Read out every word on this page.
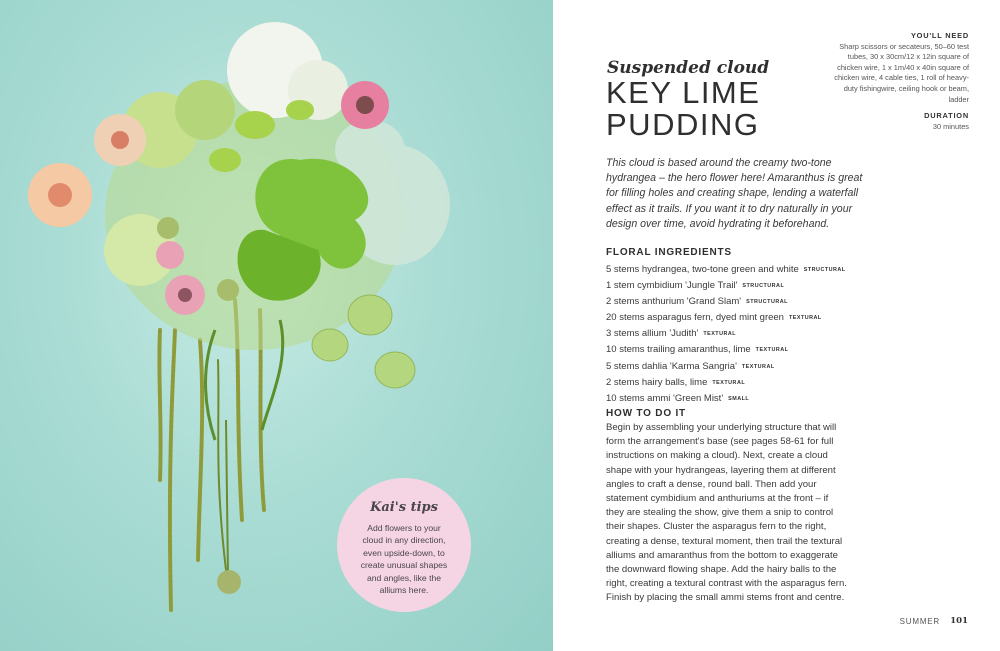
Kai's tips
Add flowers to your cloud in any direction, even upside-down, to create unusual shapes and angles, like the alliums here.
YOU'LL NEED
Sharp scissors or secateurs, 50–60 test tubes, 30 x 30cm/12 x 12in square of chicken wire, 1 x 1m/40 x 40in square of chicken wire, 4 cable ties, 1 roll of heavy-duty fishingwire, ceiling hook or beam, ladder
DURATION
30 minutes
Suspended cloud
KEY LIME PUDDING
This cloud is based around the creamy two-tone hydrangea – the hero flower here! Amaranthus is great for filling holes and creating shape, lending a waterfall effect as it trails. If you want it to dry naturally in your design over time, avoid hydrating it beforehand.
FLORAL INGREDIENTS
5 stems hydrangea, two-tone green and white STRUCTURAL
1 stem cymbidium 'Jungle Trail' STRUCTURAL
2 stems anthurium 'Grand Slam' STRUCTURAL
20 stems asparagus fern, dyed mint green TEXTURAL
3 stems allium 'Judith' TEXTURAL
10 stems trailing amaranthus, lime TEXTURAL
5 stems dahlia 'Karma Sangria' TEXTURAL
2 stems hairy balls, lime TEXTURAL
10 stems ammi 'Green Mist' SMALL
HOW TO DO IT
Begin by assembling your underlying structure that will form the arrangement's base (see pages 58-61 for full instructions on making a cloud). Next, create a cloud shape with your hydrangeas, layering them at different angles to craft a dense, round ball. Then add your statement cymbidium and anthuriums at the front – if they are stealing the show, give them a snip to control their shapes. Cluster the asparagus fern to the right, creating a dense, textural moment, then trail the textural alliums and amaranthus from the bottom to exaggerate the downward flowing shape. Add the hairy balls to the right, creating a textural contrast with the asparagus fern. Finish by placing the small ammi stems front and centre.
SUMMER 101
